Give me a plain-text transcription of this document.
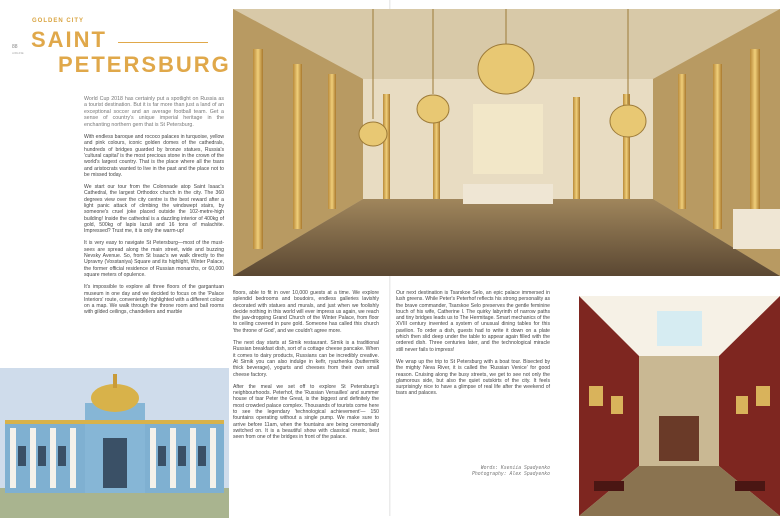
GOLDEN CITY
88
AIRLINE
SAINT
PETERSBURG

World Cup 2018 has certainly put a spotlight on Russia as a tourist destination. But it is far more than just a land of an exceptional soccer and an average football team. Get a sense of country's unique imperial heritage in the enchanting northern gem that is St Petersburg.

With endless baroque and rococo palaces in turquoise, yellow and pink colours, iconic golden domes of the cathedrals, hundreds of bridges guarded by bronze statues, Russia's 'cultural capital' is the most precious stone in the crown of the world's largest country. That is the place where all the tsars and aristocrats wanted to live in the past and the place not to be missed today.

We start our tour from the Colonnade atop Saint Isaac's Cathedral, the largest Orthodox church in the city. The 360 degrees view over the city centre is the best reward after a light panic attack of climbing the windswept stairs, by someone's cruel joke placed outside the 102-metre-high building! Inside the cathedral is a dazzling interior of 400kg of gold, 500kg of lapis lazuli and 16 tons of malachite. Impressed? Trust me, it is only the warm-up!

It is very easy to navigate St Petersburg—most of the must-sees are spread along the main street, wide and buzzing Nevsky Avenue. So, from St Isaac's we walk directly to the Upravny (Vosstaniya) Square and its highlight, Winter Palace, the former official residence of Russian monarchs, or 60,000 square meters of opulence.

It's impossible to explore all three floors of the gargantuan museum in one day and we decided to focus on the 'Palace Interiors' route, conveniently highlighted with a different colour on a map. We walk through the throne room and ball rooms with gilded ceilings, chandeliers and marble

floors, able to fit in over 10,000 guests at a time. We explore splendid bedrooms and boudoirs, endless galleries lavishly decorated with statues and murals, and just when we foolishly decide nothing in this world will ever impress us again, we reach the jaw-dropping Grand Church of the Winter Palace, from floor to ceiling covered in pure gold. Someone has called this church 'the throne of God', and we couldn't agree more.

The next day starts at Sirnik restaurant. Sirnik is a traditional Russian breakfast dish, sort of a cottage cheese pancake. When it comes to dairy products, Russians can be incredibly creative. At Sirnik you can also indulge in kefir, ryazhenka (buttermilk thick beverage), yogurts and cheeses from their own small cheese factory.

After the meal we set off to explore St Petersburg's neighbourhoods. Peterhof, the 'Russian Versailles' and summer house of tsar Peter the Great, is the biggest and definitely the most crowded palace complex. Thousands of tourists come here to see the legendary 'technological achievement'— 150 fountains operating without a single pump. We make sure to arrive before 11am, when the fountains are being ceremonially switched on. It is a beautiful show with classical music, best seen from one of the bridges in front of the palace.

Our next destination is Tsarskoe Selo, an epic palace immersed in lush greens. While Peter's Peterhof reflects his strong personality as the brave commander, Tsarskoe Selo preserves the gentle feminine touch of his wife, Catherine I. The quirky labyrinth of narrow paths and tiny bridges leads us to The Hermitage. Smart mechanics of the XVIII century invented a system of unusual dining tables for this pavilion. To order a dish, guests had to write it down on a plate which then slid deep under the table to appear again filled with the ordered dish. Three centuries later, and the technological miracle still never fails to impress!

We wrap up the trip to St Petersburg with a boat tour. Bisected by the mighty Neva River, it is called the 'Russian Venice' for good reason. Cruising along the busy streets, we get to see not only the glamorous side, but also the quiet outskirts of the city. It feels surprisingly nice to have a glimpse of real life after the weekend of tsars and palaces.

Words: Kseniia Spadyenko
Photography: Alex Spadyenko
